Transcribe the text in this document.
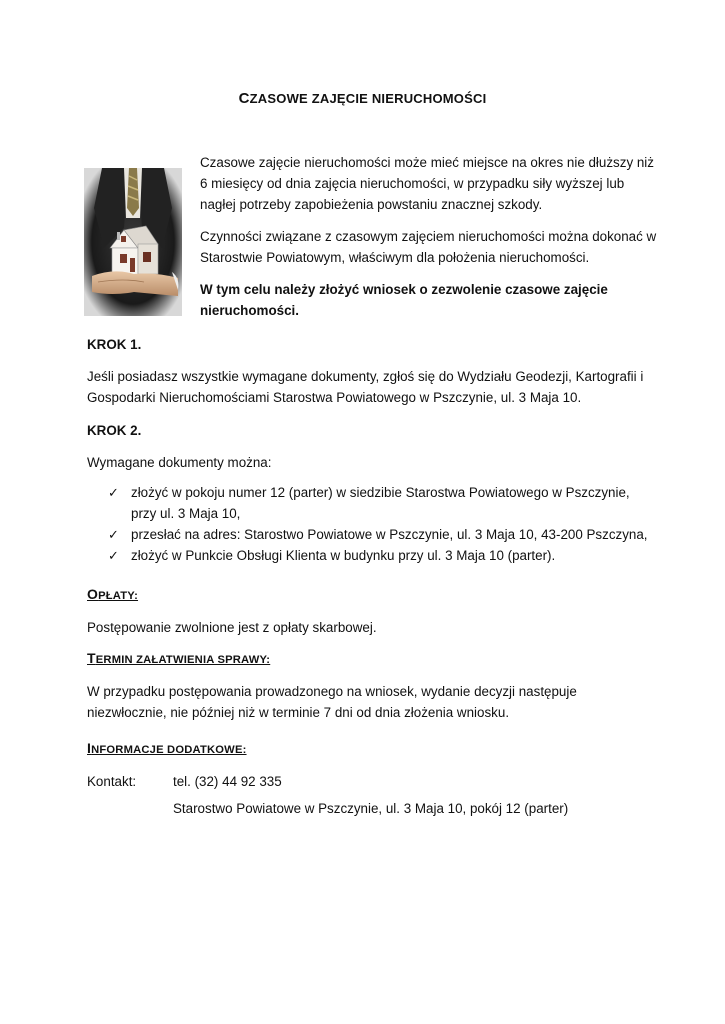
CZASOWE ZAJĘCIE NIERUCHOMOŚCI

Czasowe zajęcie nieruchomości może mieć miejsce na okres nie dłuższy niż 6 miesięcy od dnia zajęcia nieruchomości, w przypadku siły wyższej lub nagłej potrzeby zapobieżenia powstaniu znacznej szkody.

Czynności związane z czasowym zajęciem nieruchomości można dokonać w Starostwie Powiatowym, właściwym dla położenia nieruchomości.

W tym celu należy złożyć wniosek o zezwolenie czasowe zajęcie nieruchomości.

KROK 1.
Jeśli posiadasz wszystkie wymagane dokumenty, zgłoś się do Wydziału Geodezji, Kartografii i Gospodarki Nieruchomościami Starostwa Powiatowego w Pszczynie, ul. 3 Maja 10.
KROK 2.
Wymagane dokumenty można:
✓ złożyć w pokoju numer 12 (parter) w siedzibie Starostwa Powiatowego w Pszczynie, przy ul. 3 Maja 10,
✓ przesłać na adres: Starostwo Powiatowe w Pszczynie, ul. 3 Maja 10, 43-200 Pszczyna,
✓ złożyć w Punkcie Obsługi Klienta w budynku przy ul. 3 Maja 10 (parter).
OPŁATY:
Postępowanie zwolnione jest z opłaty skarbowej.
TERMIN ZAŁATWIENIA SPRAWY:
W przypadku postępowania prowadzonego na wniosek, wydanie decyzji następuje niezwłocznie, nie później niż w terminie 7 dni od dnia złożenia wniosku.
INFORMACJE DODATKOWE:
Kontakt:	tel. (32) 44 92 335
Starostwo Powiatowe w Pszczynie, ul. 3 Maja 10, pokój 12 (parter)
